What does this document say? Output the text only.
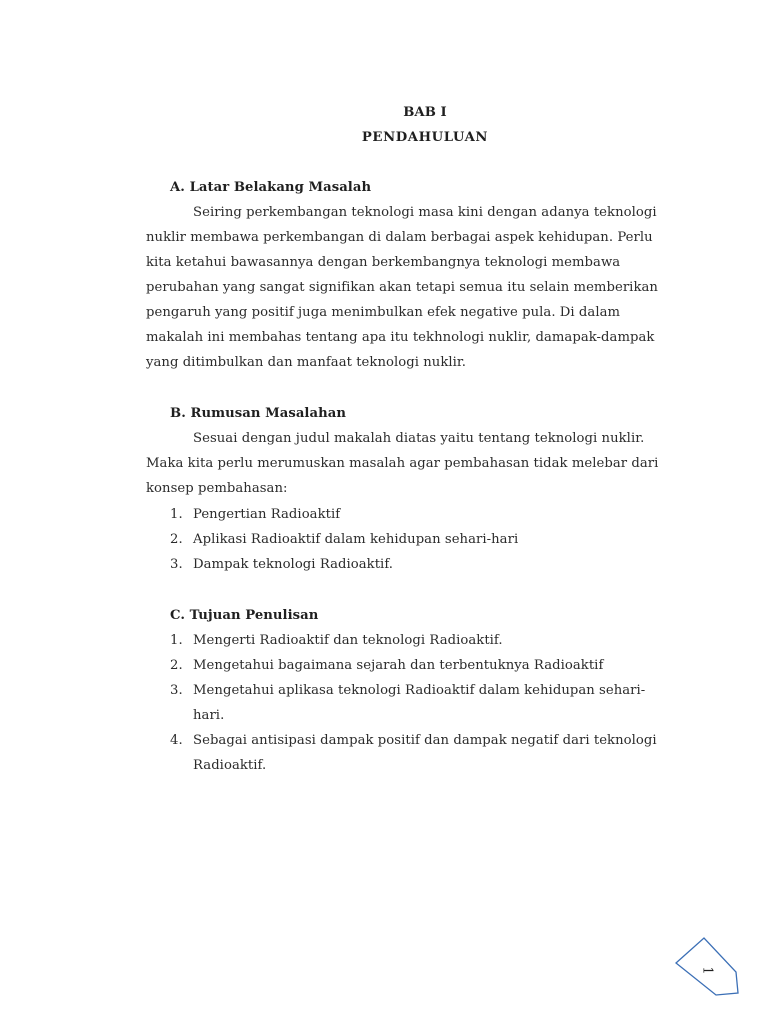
BAB I
PENDAHULUAN
A. Latar Belakang Masalah
Seiring perkembangan teknologi masa kini dengan adanya teknologi
nuklir membawa perkembangan di dalam berbagai aspek kehidupan. Perlu
kita ketahui bawasannya dengan berkembangnya teknologi membawa
perubahan yang sangat signifikan akan tetapi semua itu selain memberikan
pengaruh yang positif juga menimbulkan efek negative pula. Di dalam
makalah ini membahas tentang apa itu tekhnologi nuklir, damapak-dampak
yang ditimbulkan dan manfaat teknologi nuklir.
B. Rumusan Masalahan
Sesuai dengan judul makalah diatas yaitu tentang teknologi nuklir.
Maka kita perlu merumuskan masalah agar pembahasan tidak melebar dari
konsep pembahasan:
1. Pengertian Radioaktif
2. Aplikasi Radioaktif dalam kehidupan sehari-hari
3. Dampak teknologi Radioaktif.
C. Tujuan Penulisan
1. Mengerti Radioaktif dan teknologi Radioaktif.
2. Mengetahui bagaimana sejarah dan terbentuknya Radioaktif
3. Mengetahui aplikasa teknologi Radioaktif dalam kehidupan sehari-
hari.
4. Sebagai antisipasi dampak positif dan dampak negatif dari teknologi
Radioaktif.
1
